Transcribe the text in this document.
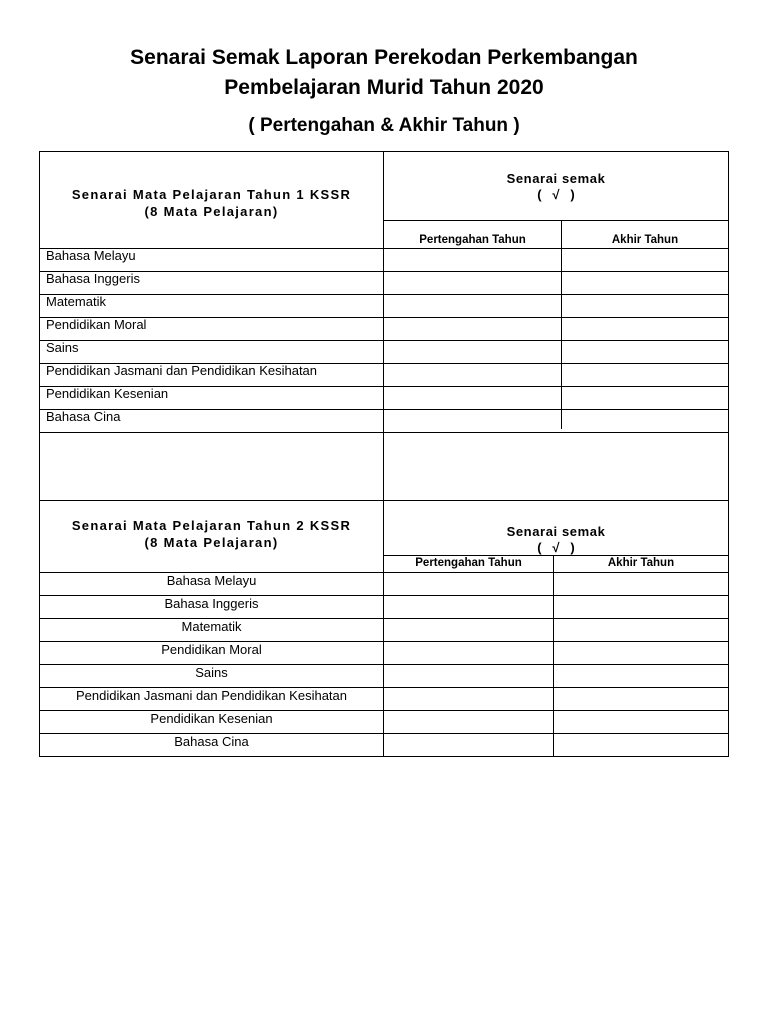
Senarai Semak Laporan Perekodan Perkembangan
Pembelajaran Murid Tahun 2020
( Pertengahan & Akhir Tahun )
Senarai Mata Pelajaran Tahun 1 KSSR
(8 Mata Pelajaran)
Senarai semak
(   √   )
Pertengahan Tahun	Akhir Tahun
Bahasa Melayu
Bahasa Inggeris
Matematik
Pendidikan Moral
Sains
Pendidikan Jasmani dan Pendidikan Kesihatan
Pendidikan Kesenian
Bahasa Cina
Senarai Mata Pelajaran Tahun 2 KSSR
(8 Mata Pelajaran)
Senarai semak
(   √   )
Pertengahan Tahun	Akhir Tahun
Bahasa Melayu
Bahasa Inggeris
Matematik
Pendidikan Moral
Sains
Pendidikan Jasmani dan Pendidikan Kesihatan
Pendidikan Kesenian
Bahasa Cina
